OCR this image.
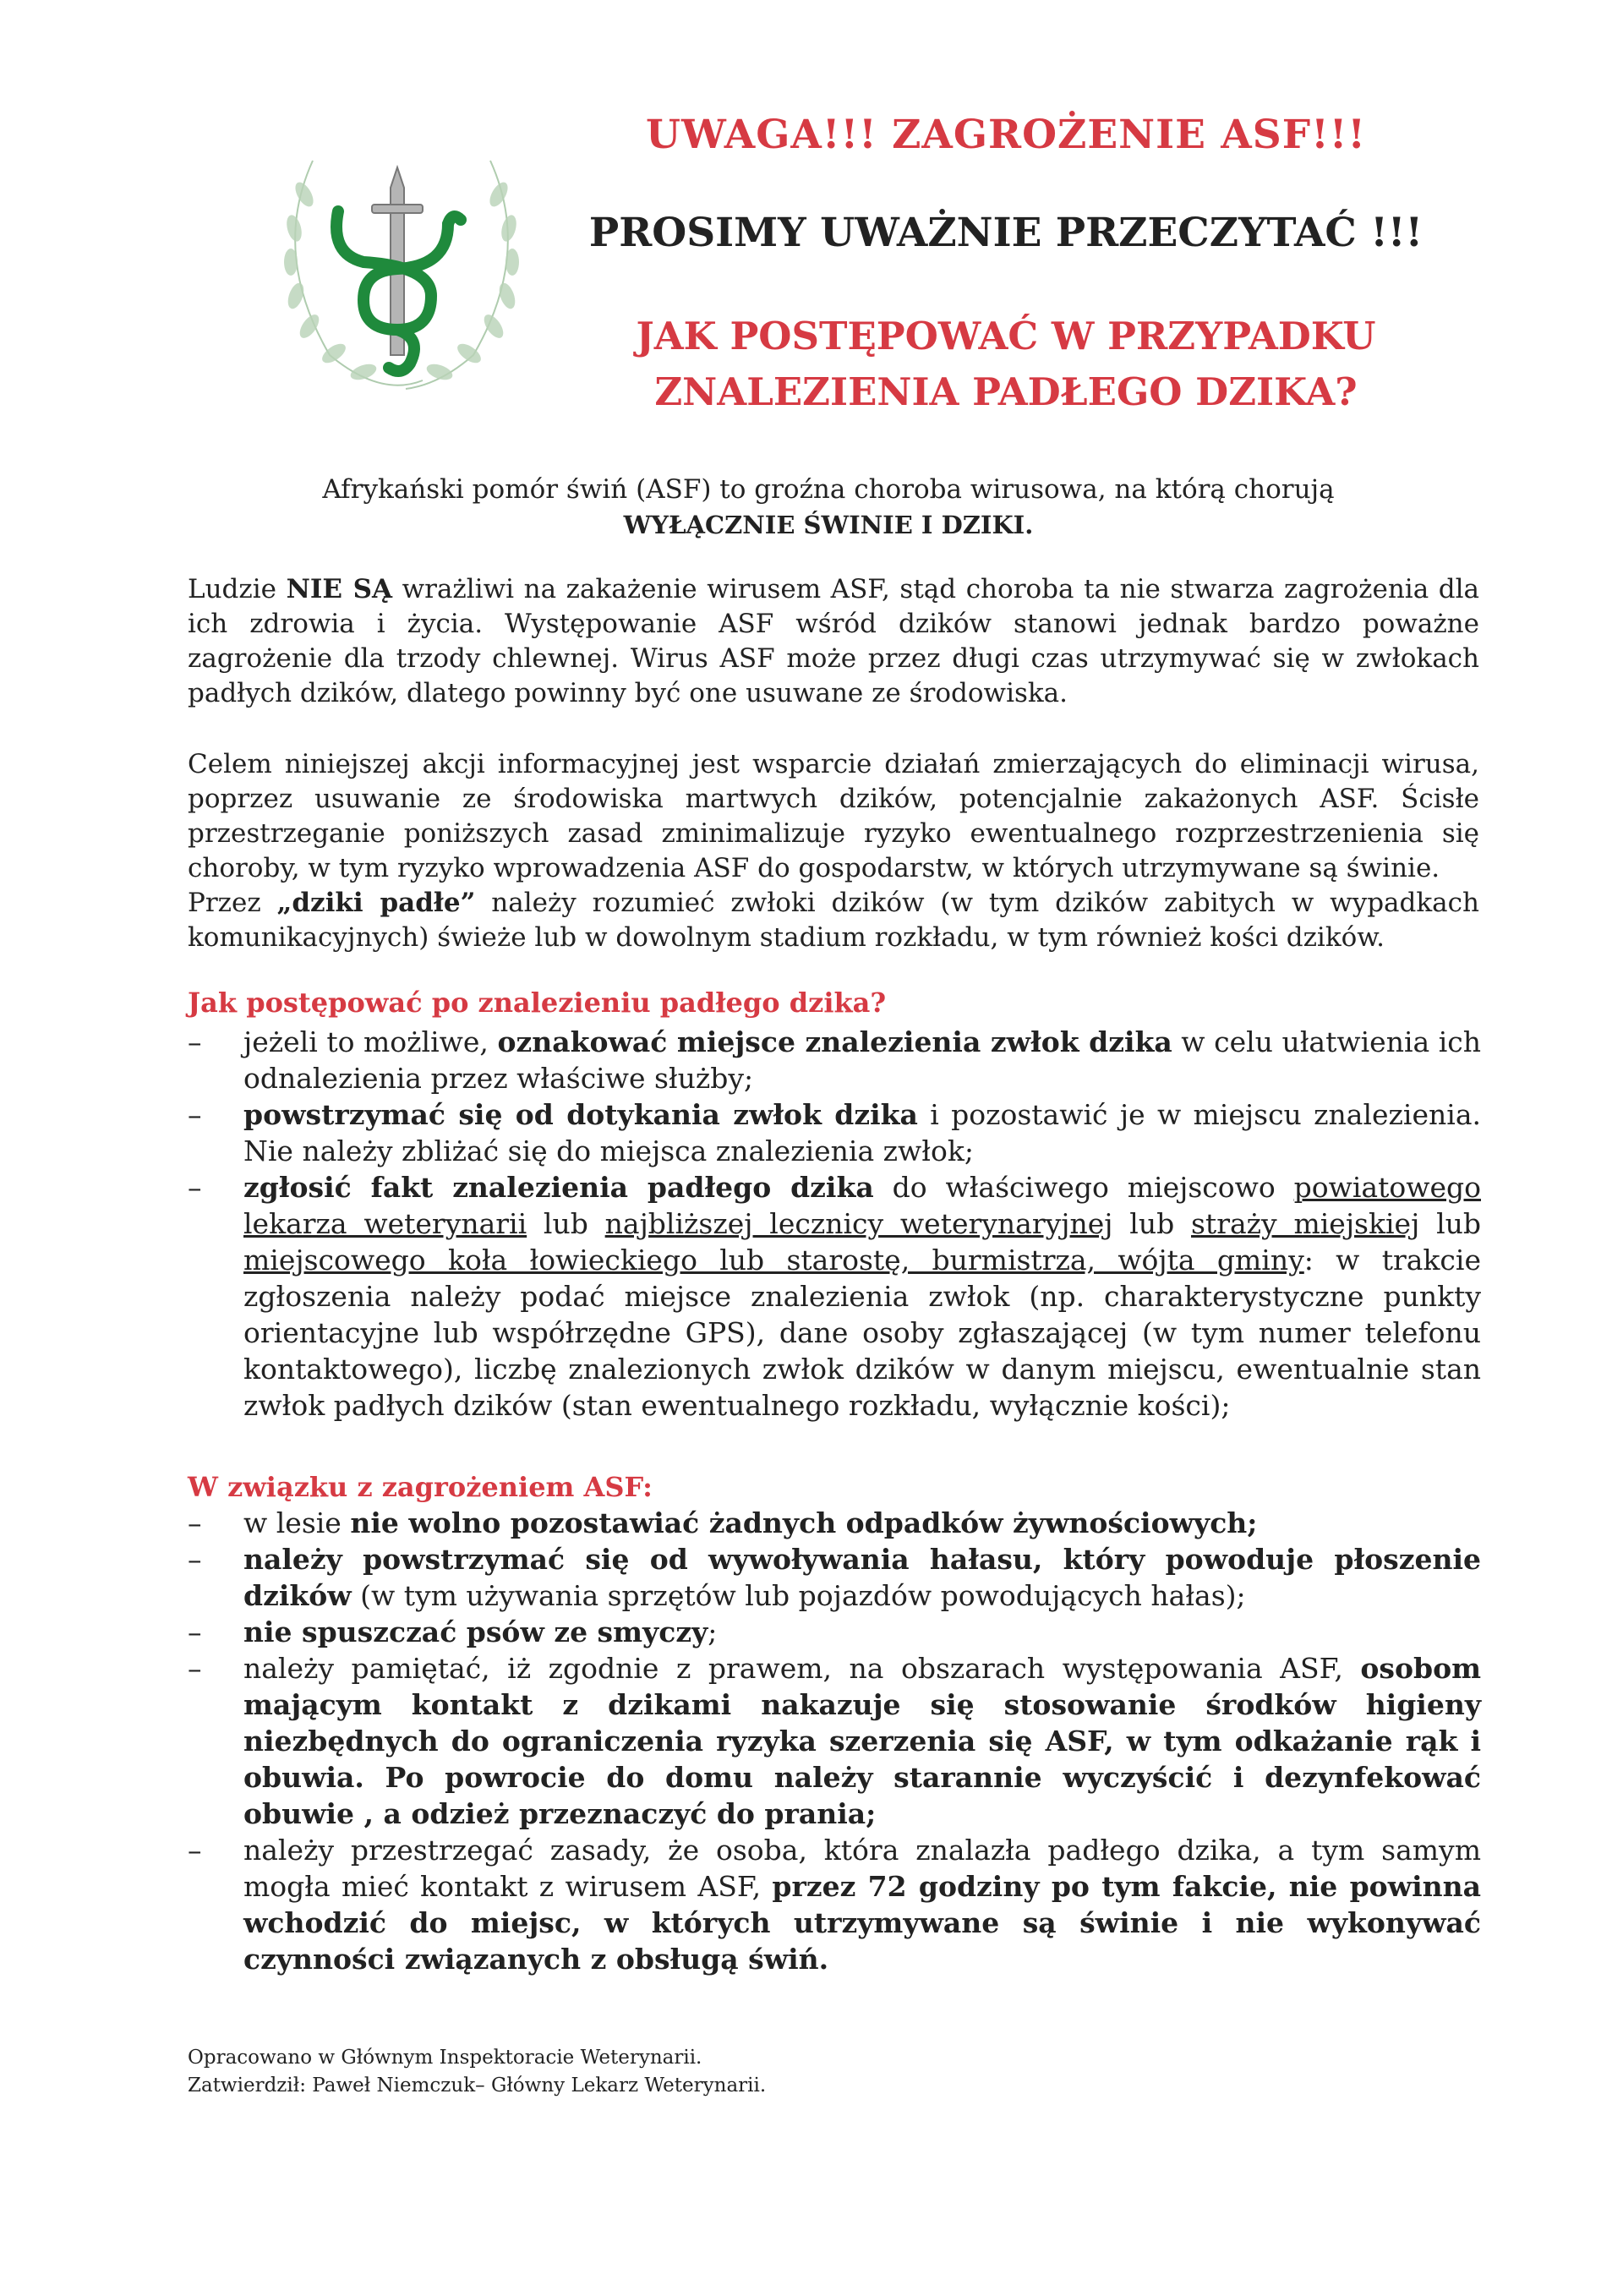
UWAGA!!! ZAGROŻENIE ASF!!!
PROSIMY UWAŻNIE PRZECZYTAĆ !!!
JAK POSTĘPOWAĆ W PRZYPADKU
ZNALEZIENIA PADŁEGO DZIKA?
Afrykański pomór świń (ASF) to groźna choroba wirusowa, na którą chorują
WYŁĄCZNIE ŚWINIE I DZIKI.
Ludzie NIE SĄ wrażliwi na zakażenie wirusem ASF, stąd choroba ta nie stwarza zagrożenia dla ich zdrowia i życia. Występowanie ASF wśród dzików stanowi jednak bardzo poważne zagrożenie dla trzody chlewnej. Wirus ASF może przez długi czas utrzymywać się w zwłokach padłych dzików, dlatego powinny być one usuwane ze środowiska.
Celem niniejszej akcji informacyjnej jest wsparcie działań zmierzających do eliminacji wirusa, poprzez usuwanie ze środowiska martwych dzików, potencjalnie zakażonych ASF. Ścisłe przestrzeganie poniższych zasad zminimalizuje ryzyko ewentualnego rozprzestrzenienia się choroby, w tym ryzyko wprowadzenia ASF do gospodarstw, w których utrzymywane są świnie.
Przez „dziki padłe” należy rozumieć zwłoki dzików (w tym dzików zabitych w wypadkach komunikacyjnych) świeże lub w dowolnym stadium rozkładu, w tym również kości dzików.
Jak postępować po znalezieniu padłego dzika?
– jeżeli to możliwe, oznakować miejsce znalezienia zwłok dzika w celu ułatwienia ich odnalezienia przez właściwe służby;
– powstrzymać się od dotykania zwłok dzika i pozostawić je w miejscu znalezienia. Nie należy zbliżać się do miejsca znalezienia zwłok;
– zgłosić fakt znalezienia padłego dzika do właściwego miejscowo powiatowego lekarza weterynarii lub najbliższej lecznicy weterynaryjnej lub straży miejskiej lub miejscowego koła łowieckiego lub starostę, burmistrza, wójta gminy: w trakcie zgłoszenia należy podać miejsce znalezienia zwłok (np. charakterystyczne punkty orientacyjne lub współrzędne GPS), dane osoby zgłaszającej (w tym numer telefonu kontaktowego), liczbę znalezionych zwłok dzików w danym miejscu, ewentualnie stan zwłok padłych dzików (stan ewentualnego rozkładu, wyłącznie kości);
W związku z zagrożeniem ASF:
– w lesie nie wolno pozostawiać żadnych odpadków żywnościowych;
– należy powstrzymać się od wywoływania hałasu, który powoduje płoszenie dzików (w tym używania sprzętów lub pojazdów powodujących hałas);
– nie spuszczać psów ze smyczy;
– należy pamiętać, iż zgodnie z prawem, na obszarach występowania ASF, osobom mającym kontakt z dzikami nakazuje się stosowanie środków higieny niezbędnych do ograniczenia ryzyka szerzenia się ASF, w tym odkażanie rąk i obuwia. Po powrocie do domu należy starannie wyczyścić i dezynfekować obuwie , a odzież przeznaczyć do prania;
– należy przestrzegać zasady, że osoba, która znalazła padłego dzika, a tym samym mogła mieć kontakt z wirusem ASF, przez 72 godziny po tym fakcie, nie powinna wchodzić do miejsc, w których utrzymywane są świnie i nie wykonywać czynności związanych z obsługą świń.
Opracowano w Głównym Inspektoracie Weterynarii.
Zatwierdził: Paweł Niemczuk– Główny Lekarz Weterynarii.
